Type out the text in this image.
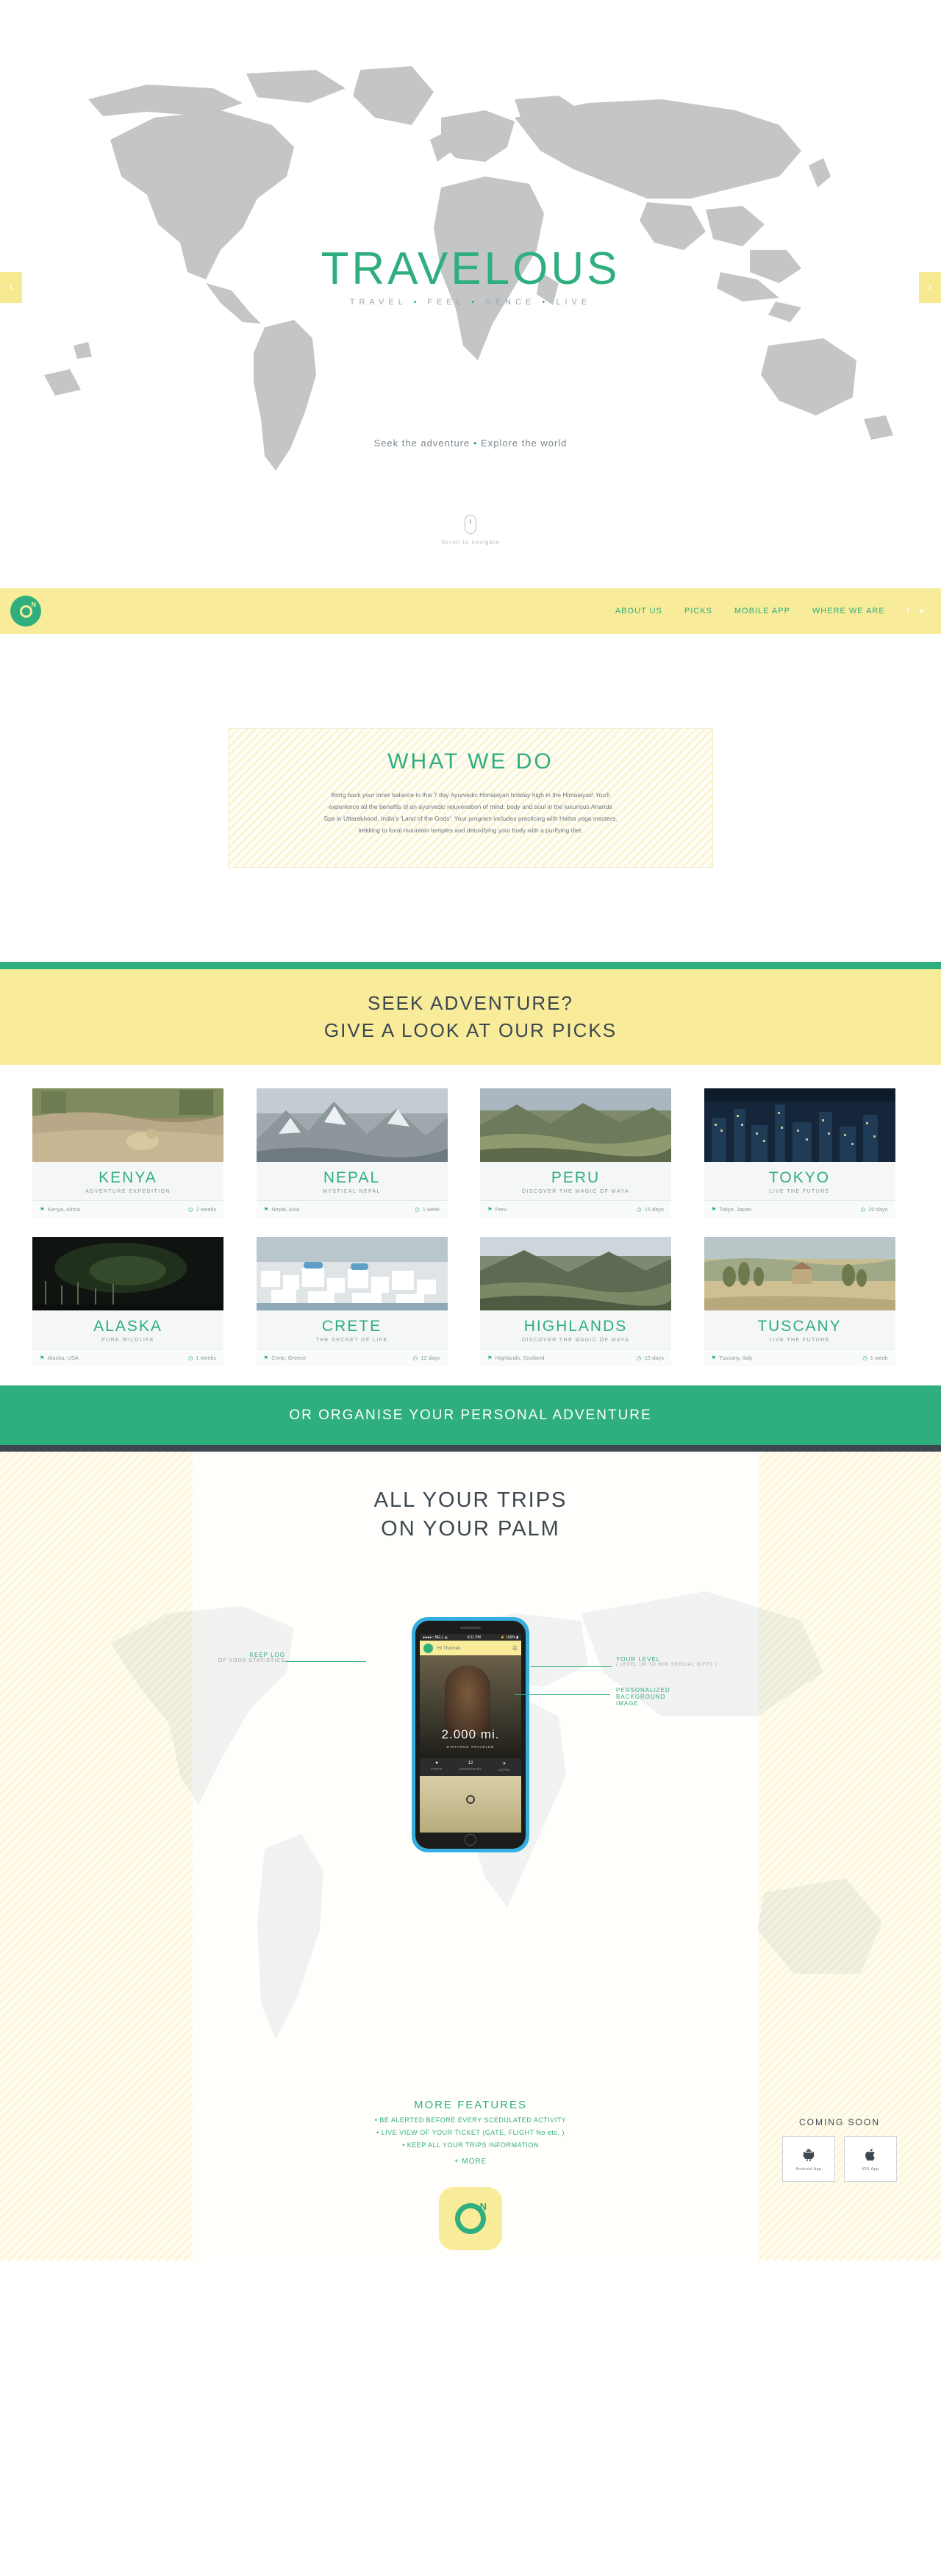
‹	›
TRAVELOUS
TRAVEL • FEEL • SENCE • LIVE
Seek the adventure • Explore the world
Scroll to navigate
N
ABOUT US	PICKS	MOBILE APP	WHERE WE ARE	f ✦
WHAT WE DO
Bring back your inner balance in this 7 day Ayurvedic Himalayan holiday high in the Himalayas! You'll experience all the benefits of an ayurvedic rejuvenation of mind, body and soul in the luxurious Ananda Spa in Uttarakhand, India's 'Land of the Gods'. Your program includes practicing with Hatha yoga masters, trekking to local mountain temples and detoxifying your body with a purifying diet.
SEEK ADVENTURE?
GIVE A LOOK AT OUR PICKS
KENYA
ADVENTURE EXPEDITION
⚑ Kenya, Africa	◷ 2 weeks
NEPAL
MYSTICAL NEPAL
⚑ Nepal, Asia	◷ 1 week
PERU
DISCOVER THE MAGIC OF MAYA
⚑ Peru	◷ 15 days
TOKYO
LIVE THE FUTURE
⚑ Tokyo, Japan	◷ 20 days
ALASKA
PURE WILDLIFE
⚑ Alaska, USA	◷ 1 weeks
CRETE
THE SECRET OF LIFE
⚑ Crete, Greece	◷ 12 days
HIGHLANDS
DISCOVER THE MAGIC OF MAYA
⚑ Highlands, Scotland	◷ 15 days
TUSCANY
LIVE THE FUTURE
⚑ Tuscany, Italy	◷ 1 week
OR ORGANISE YOUR PERSONAL ADVENTURE
ALL YOUR TRIPS
ON YOUR PALM
KEEP LOG
OF YOUR STATISTICS	YOUR LEVEL
( LEVEL UP TO WIN SPECIAL GIFTS )
PERSONALIZED
BACKGROUND
IMAGE
●●●●○ BELL ⬙	4:21 PM	⚡ 100% ▮
Hi Thomas	☰
2.000 mi.
DISTANCE TRAVELED
♥
TRIPS
12
COUNTRIES
✈
LEVEL
MORE FEATURES
• BE ALERTED BEFORE EVERY SCEDULATED ACTIVITY
• LIVE VIEW OF YOUR TICKET (GATE, FLIGHT No etc. )
• KEEP ALL YOUR TRIPS INFORMATION
+ MORE
N
COMING SOON
Android App	iOS App
